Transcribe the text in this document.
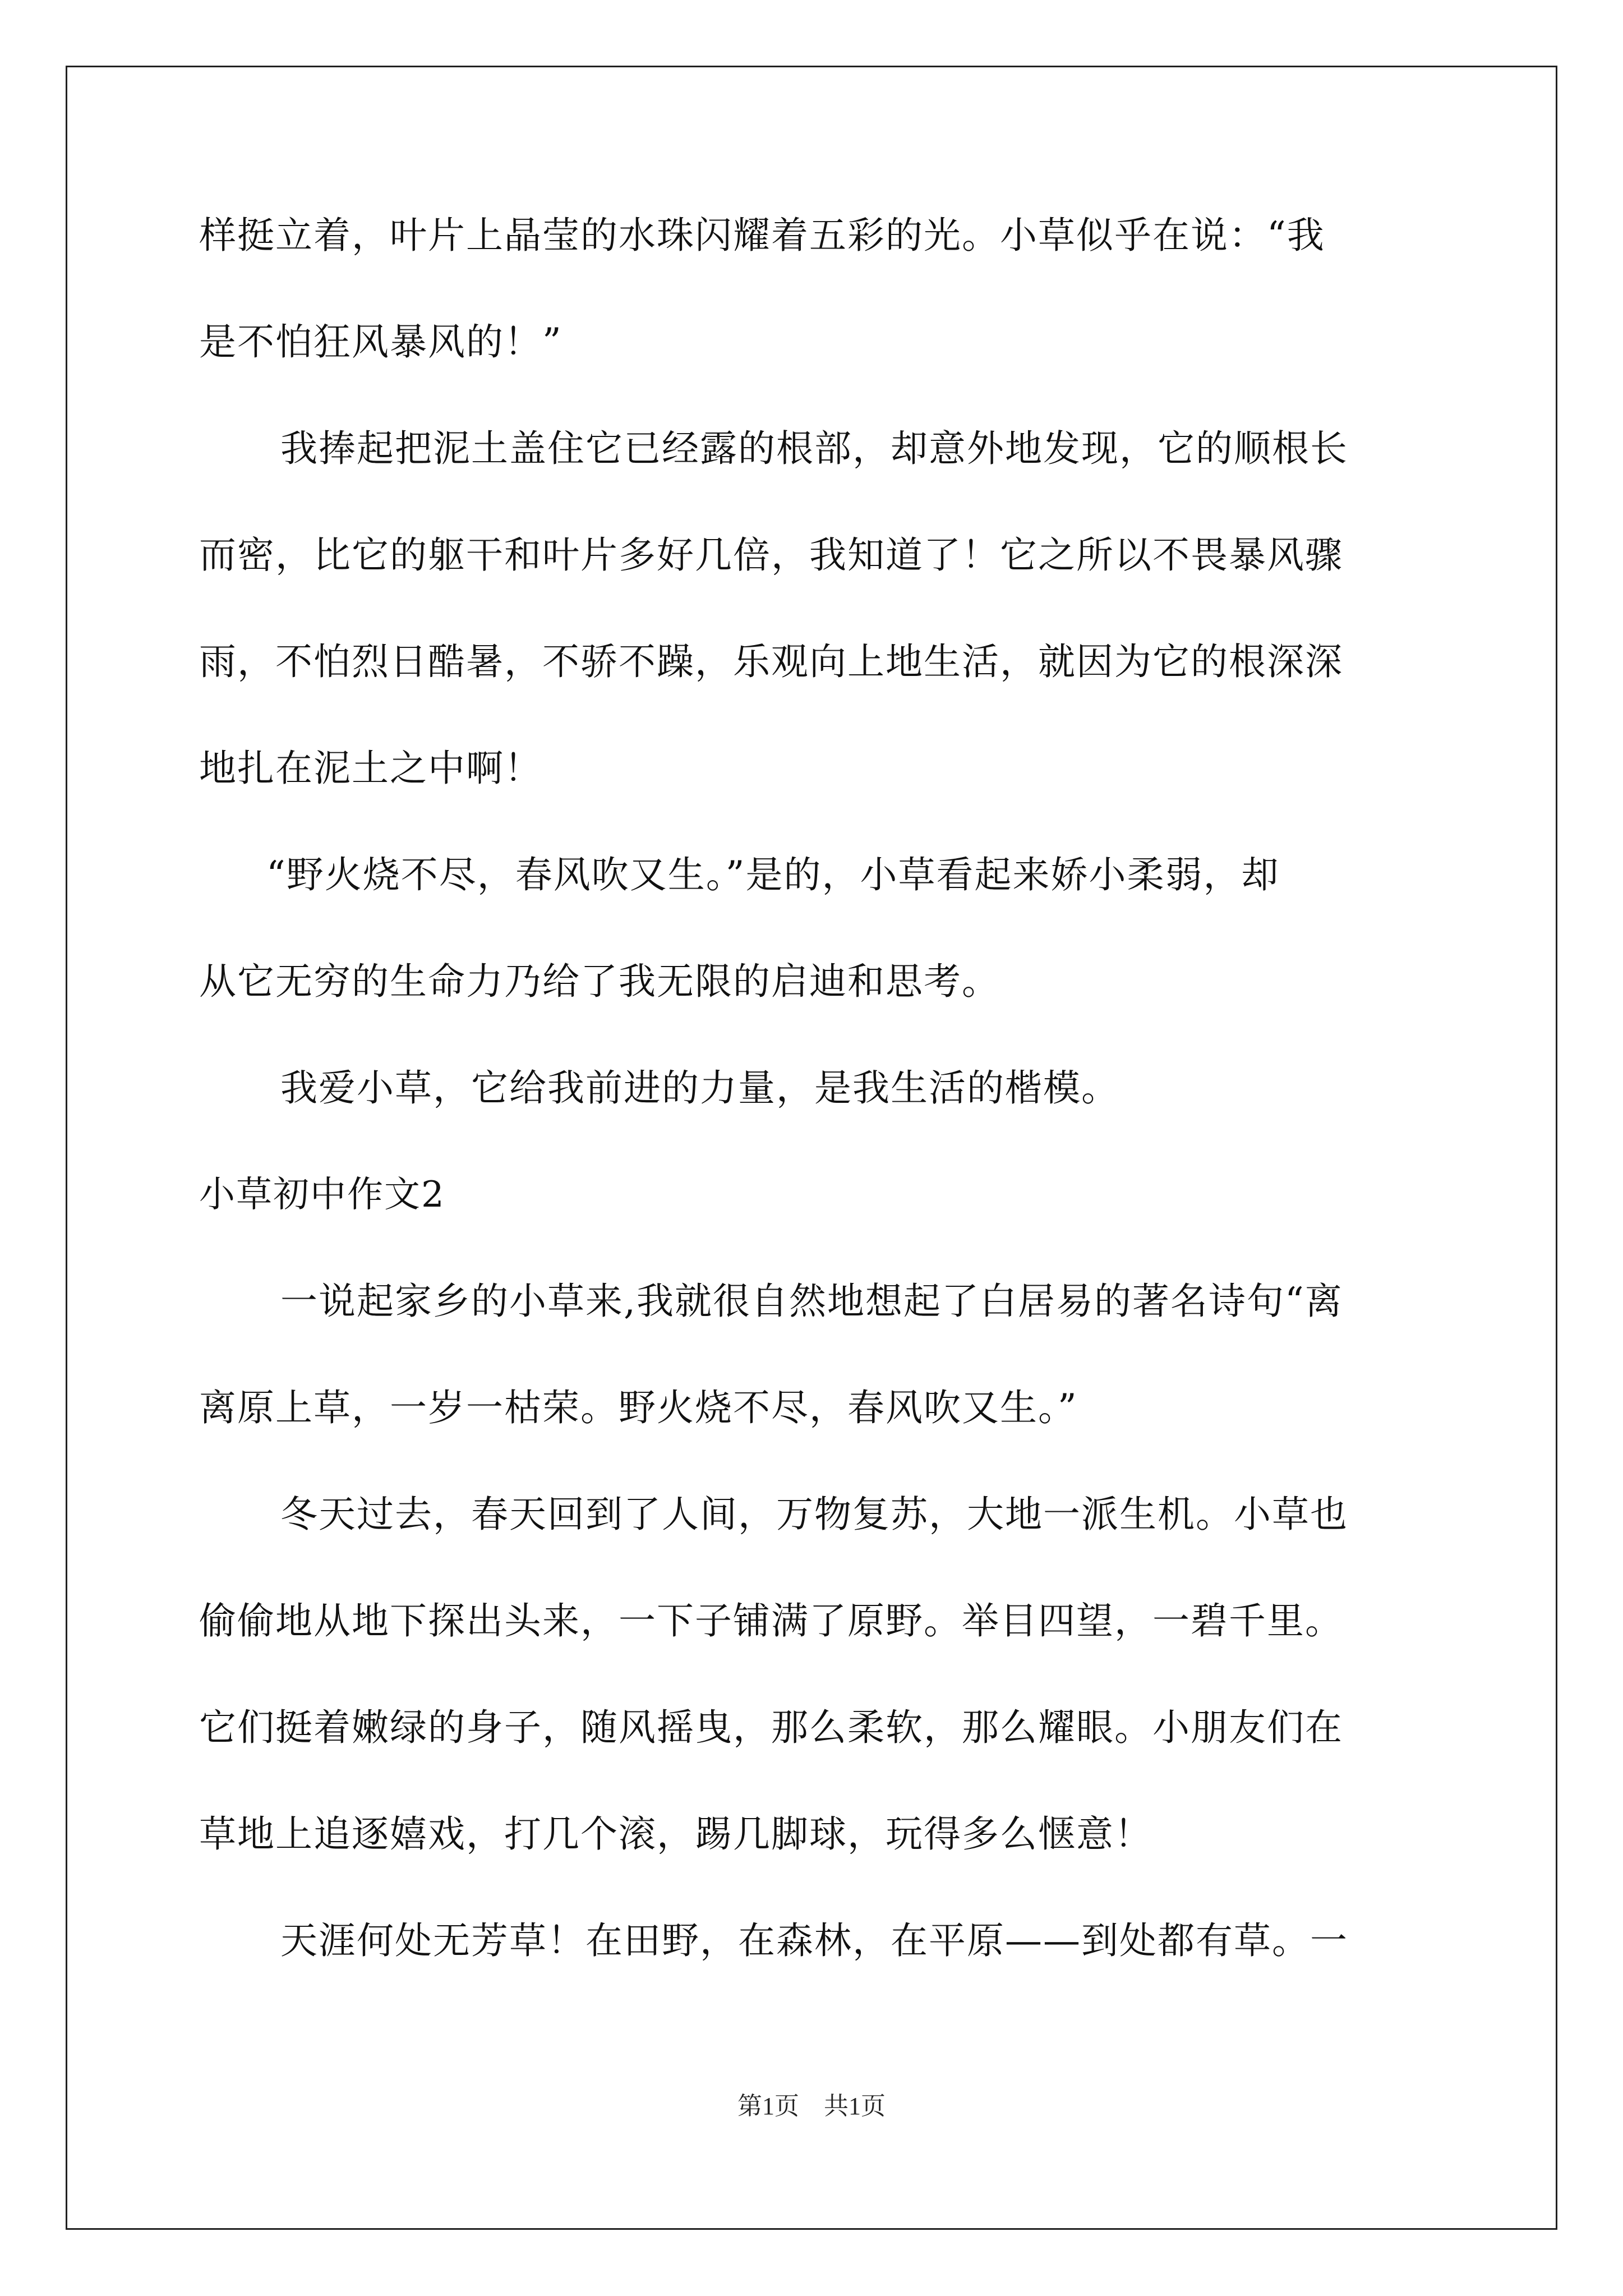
样挺立着，叶片上晶莹的水珠闪耀着五彩的光。小草似乎在说：“我
是不怕狂风暴风的！”
我捧起把泥土盖住它已经露的根部，却意外地发现，它的顺根长
而密，比它的躯干和叶片多好几倍，我知道了！它之所以不畏暴风骤
雨，不怕烈日酷暑，不骄不躁，乐观向上地生活，就因为它的根深深
地扎在泥土之中啊！
“野火烧不尽，春风吹又生。”是的，小草看起来娇小柔弱，却
从它无穷的生命力乃给了我无限的启迪和思考。
我爱小草，它给我前进的力量，是我生活的楷模。
小草初中作文2
一说起家乡的小草来,我就很自然地想起了白居易的著名诗句“离
离原上草，一岁一枯荣。野火烧不尽，春风吹又生。”
冬天过去，春天回到了人间，万物复苏，大地一派生机。小草也
偷偷地从地下探出头来，一下子铺满了原野。举目四望，一碧千里。
它们挺着嫩绿的身子，随风摇曳，那么柔软，那么耀眼。小朋友们在
草地上追逐嬉戏，打几个滚，踢几脚球，玩得多么惬意！
天涯何处无芳草！在田野，在森林，在平原——到处都有草。一
第1页　共1页
